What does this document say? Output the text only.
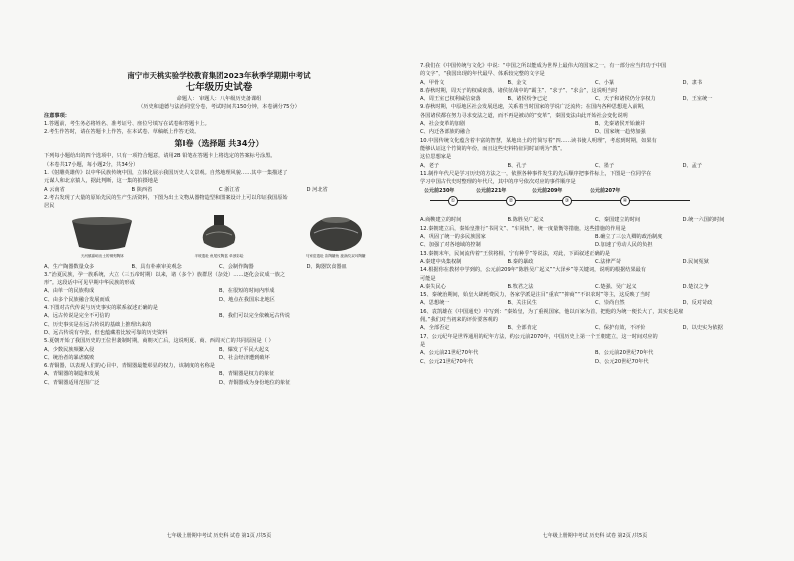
南宁市天桃实验学校教育集团2023年秋季学期期中考试
七年级历史试卷
命题人： 审题人：八年级历史备课组
（历史和道德与法治同堂分卷，考试时间共150分钟，本卷满分75分）
注意事项：
1.答题前，考生务必将姓名、准考证号、座位号填写在试卷和答题卡上。
2.考生作答时，请在答题卡上作答，在本试卷、草稿纸上作答无效。
第Ⅰ卷（选择题 共34分）
下列每小题给出的四个选项中，只有一项符合题意，请用2B 铅笔在答题卡上将选定的答案标号涂黑。
（本卷共17小题，每小题2分，共34分）
1.《射雕英雄传》以中华民族传统中国，立体化展示我国历史人文景观。自然地理风貌……其中一集描述了
元谋人和北京猿人，据此判断，这一集的拍摄地是
A 云南省	B 陕西省	C 浙江省	D 河北省
2.考古发现了大量的原始先民的生产生活资料，下图为出土文物从器物造型和图案设计上可以印证我国原始
居民
天河镇嘉峪出土的铜刻陶钵	半坡遗址 鱼尾纹陶盆 单颈彩绘	马家窑遗址 彩陶罐鱼 旋涡纹双耳陶罐
A、生产陶器数量众多	B、具有朴素审美观念	C、会制作陶器	D、陶器饮食器皿
3.“治夏民族，孕一族系统，大立（三五帝时期）以来，诸（多个）族群居（杂处）……逐化会议成一族之
形”。这段话中可见早期中华民族的形成
A、由单一的民族构成	B、在很短的时间内形成
C、由多个民族融合发展而成	D、地点在我国东北地区
4.下图对古代传说与历史事实的联系叙述正确的是
A、远古传说是完全不可信的	B、我们可以完全依赖远古传说
C、历史事实是在远古传说的基础上推理出来的
D、远古传说有夸张，但也蕴藏着比较可靠的历史资料
5.夏朝开始了我国历史的王位世袭制时期，商朝灭亡后，这说明夏、商、西周灭亡的共同原因是（ ）
A、少数民族频繁入侵	B、爆发了平民大起义
C、统治者的暴虐腐败	D、社会经济遭到破坏
6.青铜器，以表现人们的心目中，青铜器最能彰显的权力，该制度的名称是
A、青铜器的制造和发展	B、青铜器是权力的象征
C、青铜器适用范围广泛	D、青铜器成为身份地位的象征
七年级上册期中考试 历史科 试卷 第1页 /共5页
7.我们在《中国传统与文化》中说：“中国之所以能成为世界上最伟大的国家之一，有一部分应当归功于中国
的文字”，“我国出现的年代最早、体系较完整的文字是
A、甲骨文	B、金文	C、小篆	D、隶书
8.春秋时期，周天子的权威衰落，诸侯征战中的“霸主”、“求子”、“求会”，这说明当时
A、周王室已权利威信衰落	B、诸侯纷争已定	C、天子和诸侯仍分享权力	D、王室统一
9.春秋时期，中原地区社会发展迅速，关系着当时国家的学说广泛流传；在国内各种思想进入前期，
各国诸侯都在努力寻求变法之道，而不再是被动的“变革”，秦国变法由此开始社会变化说明
A、社会变革的加剧	B、先秦诸侯开始兼并
C、内迁各部族的融合	D、国家统一趋势加强
10.中国传统文化蕴含着丰富的智慧，某地出土的竹简写着“四……读书使人明理”，考虑到时期，如果有
能够认证这个竹简的年份，而且这些史料特征同时证明为“教”。
这位思想家是
A、老子	B、孔子	C、墨子	D、孟子
11.制作年代尺是学习历史的方法之一，依照各种事件发生的先后顺序把事件标上，下图是一位同学在
学习中国古代史时整理的年代尺，其中的序号依次对应的事件顺序是
公元前230年	公元前221年	公元前209年	公元前207年
①	②	③	④
A.商鞅建立的时间	B.陈胜吴广起义	C、秦国建立的时间	D.统一六国的时间
12.秦朝建立后，秦始皇推行“书同文”、“车同轨”，统一度量衡等措施，这些措施的作用是
A、巩固了统一的多民族国家	B.确立了三公九卿的政治制度
C、加强了对各地域的控制	D.加速了劳动人民的负担
13.秦朝末年，民间流传着“王侯将相，宁有种乎”等说法，对此，下面叙述正确的是
A.秦建中央集权制	B.秦的暴政	C.法律严苛	D.民间冤狱
14.根据你在教材中学到的，公元前209年“陈胜吴广起义”“大泽乡”等关键词，说明的根据结果最有
可能是
A.秦失民心	B.牧君之法	C.楚强、吴广起义	D.楚汉之争
15、秦统治期间，始皇大肆耗费民力，各家学派是注目“重农”“抑商”“不识农时”等主，这反映了当时
A、思想统一	B、关注民生	C、崇尚自然	D、反对苛政
16、袁凯雄在《中国通史》中写到：“秦始皇，为了重视国家，他以百家为首，把他的为统一便长大了，其实也是雇
佣。”我们对当初来的评价要客观的
A、全部否定	B、全部肯定	C、保护有效，不评价	D、以史实为依据
17、公元纪年是世界通用的纪年方法，约公元前2070年，中国历史上第一个王朝建立，这一时间对应的
是
A、公元前21世纪70年代	B、公元前20世纪70年代
C、公元21世纪70年代	D、公元20世纪70年代
七年级上册期中考试 历史科 试卷 第2页 /共5页
